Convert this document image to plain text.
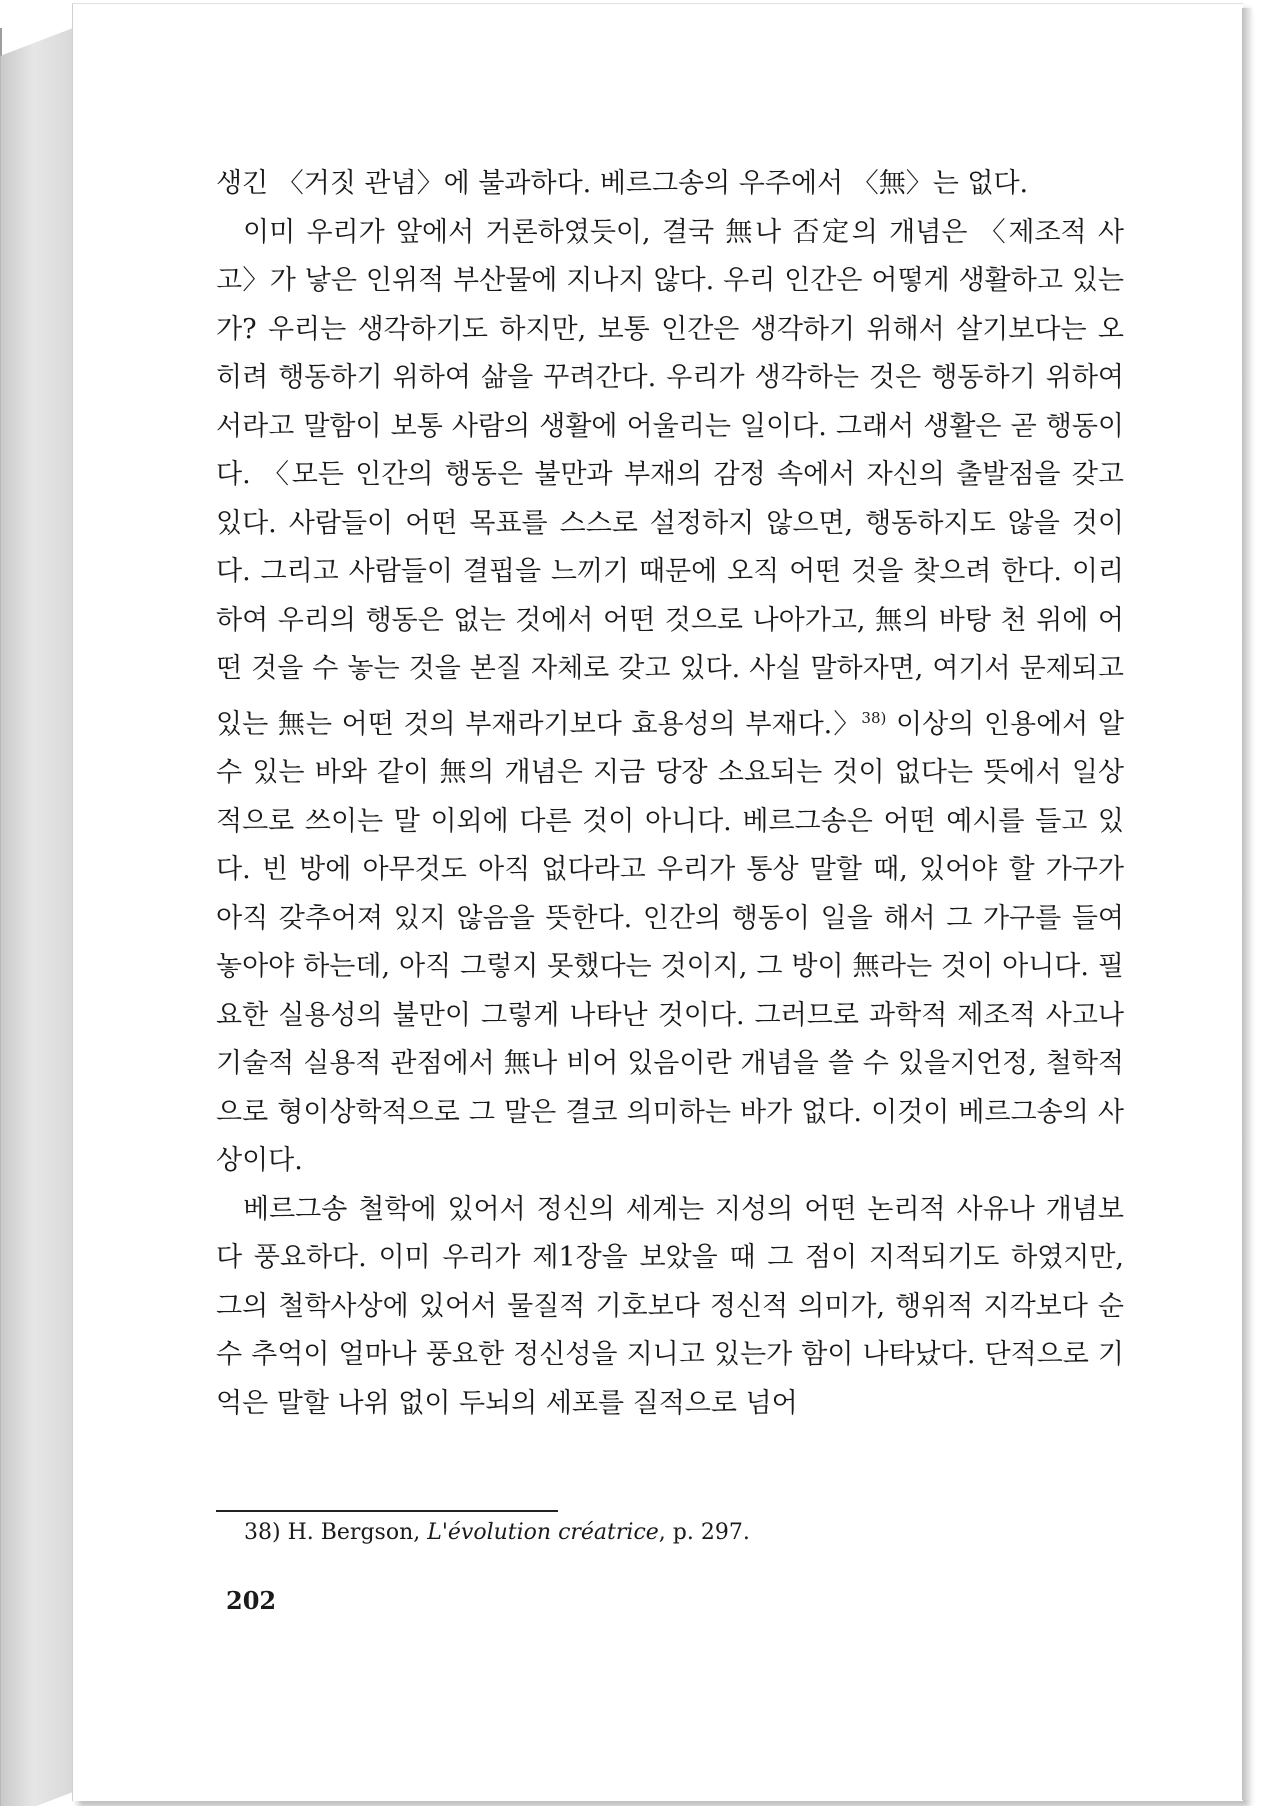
생긴 〈거짓 관념〉에 불과하다. 베르그송의 우주에서 〈無〉는 없다.

이미 우리가 앞에서 거론하였듯이, 결국 無나 否定의 개념은 〈제조적 사고〉가 낳은 인위적 부산물에 지나지 않다. 우리 인간은 어떻게 생활하고 있는가? 우리는 생각하기도 하지만, 보통 인간은 생각하기 위해서 살기보다는 오히려 행동하기 위하여 삶을 꾸려간다. 우리가 생각하는 것은 행동하기 위하여서라고 말함이 보통 사람의 생활에 어울리는 일이다. 그래서 생활은 곧 행동이다. 〈모든 인간의 행동은 불만과 부재의 감정 속에서 자신의 출발점을 갖고 있다. 사람들이 어떤 목표를 스스로 설정하지 않으면, 행동하지도 않을 것이다. 그리고 사람들이 결핍을 느끼기 때문에 오직 어떤 것을 찾으려 한다. 이리하여 우리의 행동은 없는 것에서 어떤 것으로 나아가고, 無의 바탕 천 위에 어떤 것을 수 놓는 것을 본질 자체로 갖고 있다. 사실 말하자면, 여기서 문제되고 있는 無는 어떤 것의 부재라기보다 효용성의 부재다.〉$^{38)}$ 이상의 인용에서 알 수 있는 바와 같이 無의 개념은 지금 당장 소요되는 것이 없다는 뜻에서 일상적으로 쓰이는 말 이외에 다른 것이 아니다. 베르그송은 어떤 예시를 들고 있다. 빈 방에 아무것도 아직 없다라고 우리가 통상 말할 때, 있어야 할 가구가 아직 갖추어져 있지 않음을 뜻한다. 인간의 행동이 일을 해서 그 가구를 들여놓아야 하는데, 아직 그렇지 못했다는 것이지, 그 방이 無라는 것이 아니다. 필요한 실용성의 불만이 그렇게 나타난 것이다. 그러므로 과학적 제조적 사고나 기술적 실용적 관점에서 無나 비어 있음이란 개념을 쓸 수 있을지언정, 철학적으로 형이상학적으로 그 말은 결코 의미하는 바가 없다. 이것이 베르그송의 사상이다.

베르그송 철학에 있어서 정신의 세계는 지성의 어떤 논리적 사유나 개념보다 풍요하다. 이미 우리가 제1장을 보았을 때 그 점이 지적되기도 하였지만, 그의 철학사상에 있어서 물질적 기호보다 정신적 의미가, 행위적 지각보다 순수 추억이 얼마나 풍요한 정신성을 지니고 있는가 함이 나타났다. 단적으로 기억은 말할 나위 없이 두뇌의 세포를 질적으로 넘어

38) H. Bergson, L'évolution créatrice, p. 297.
202
